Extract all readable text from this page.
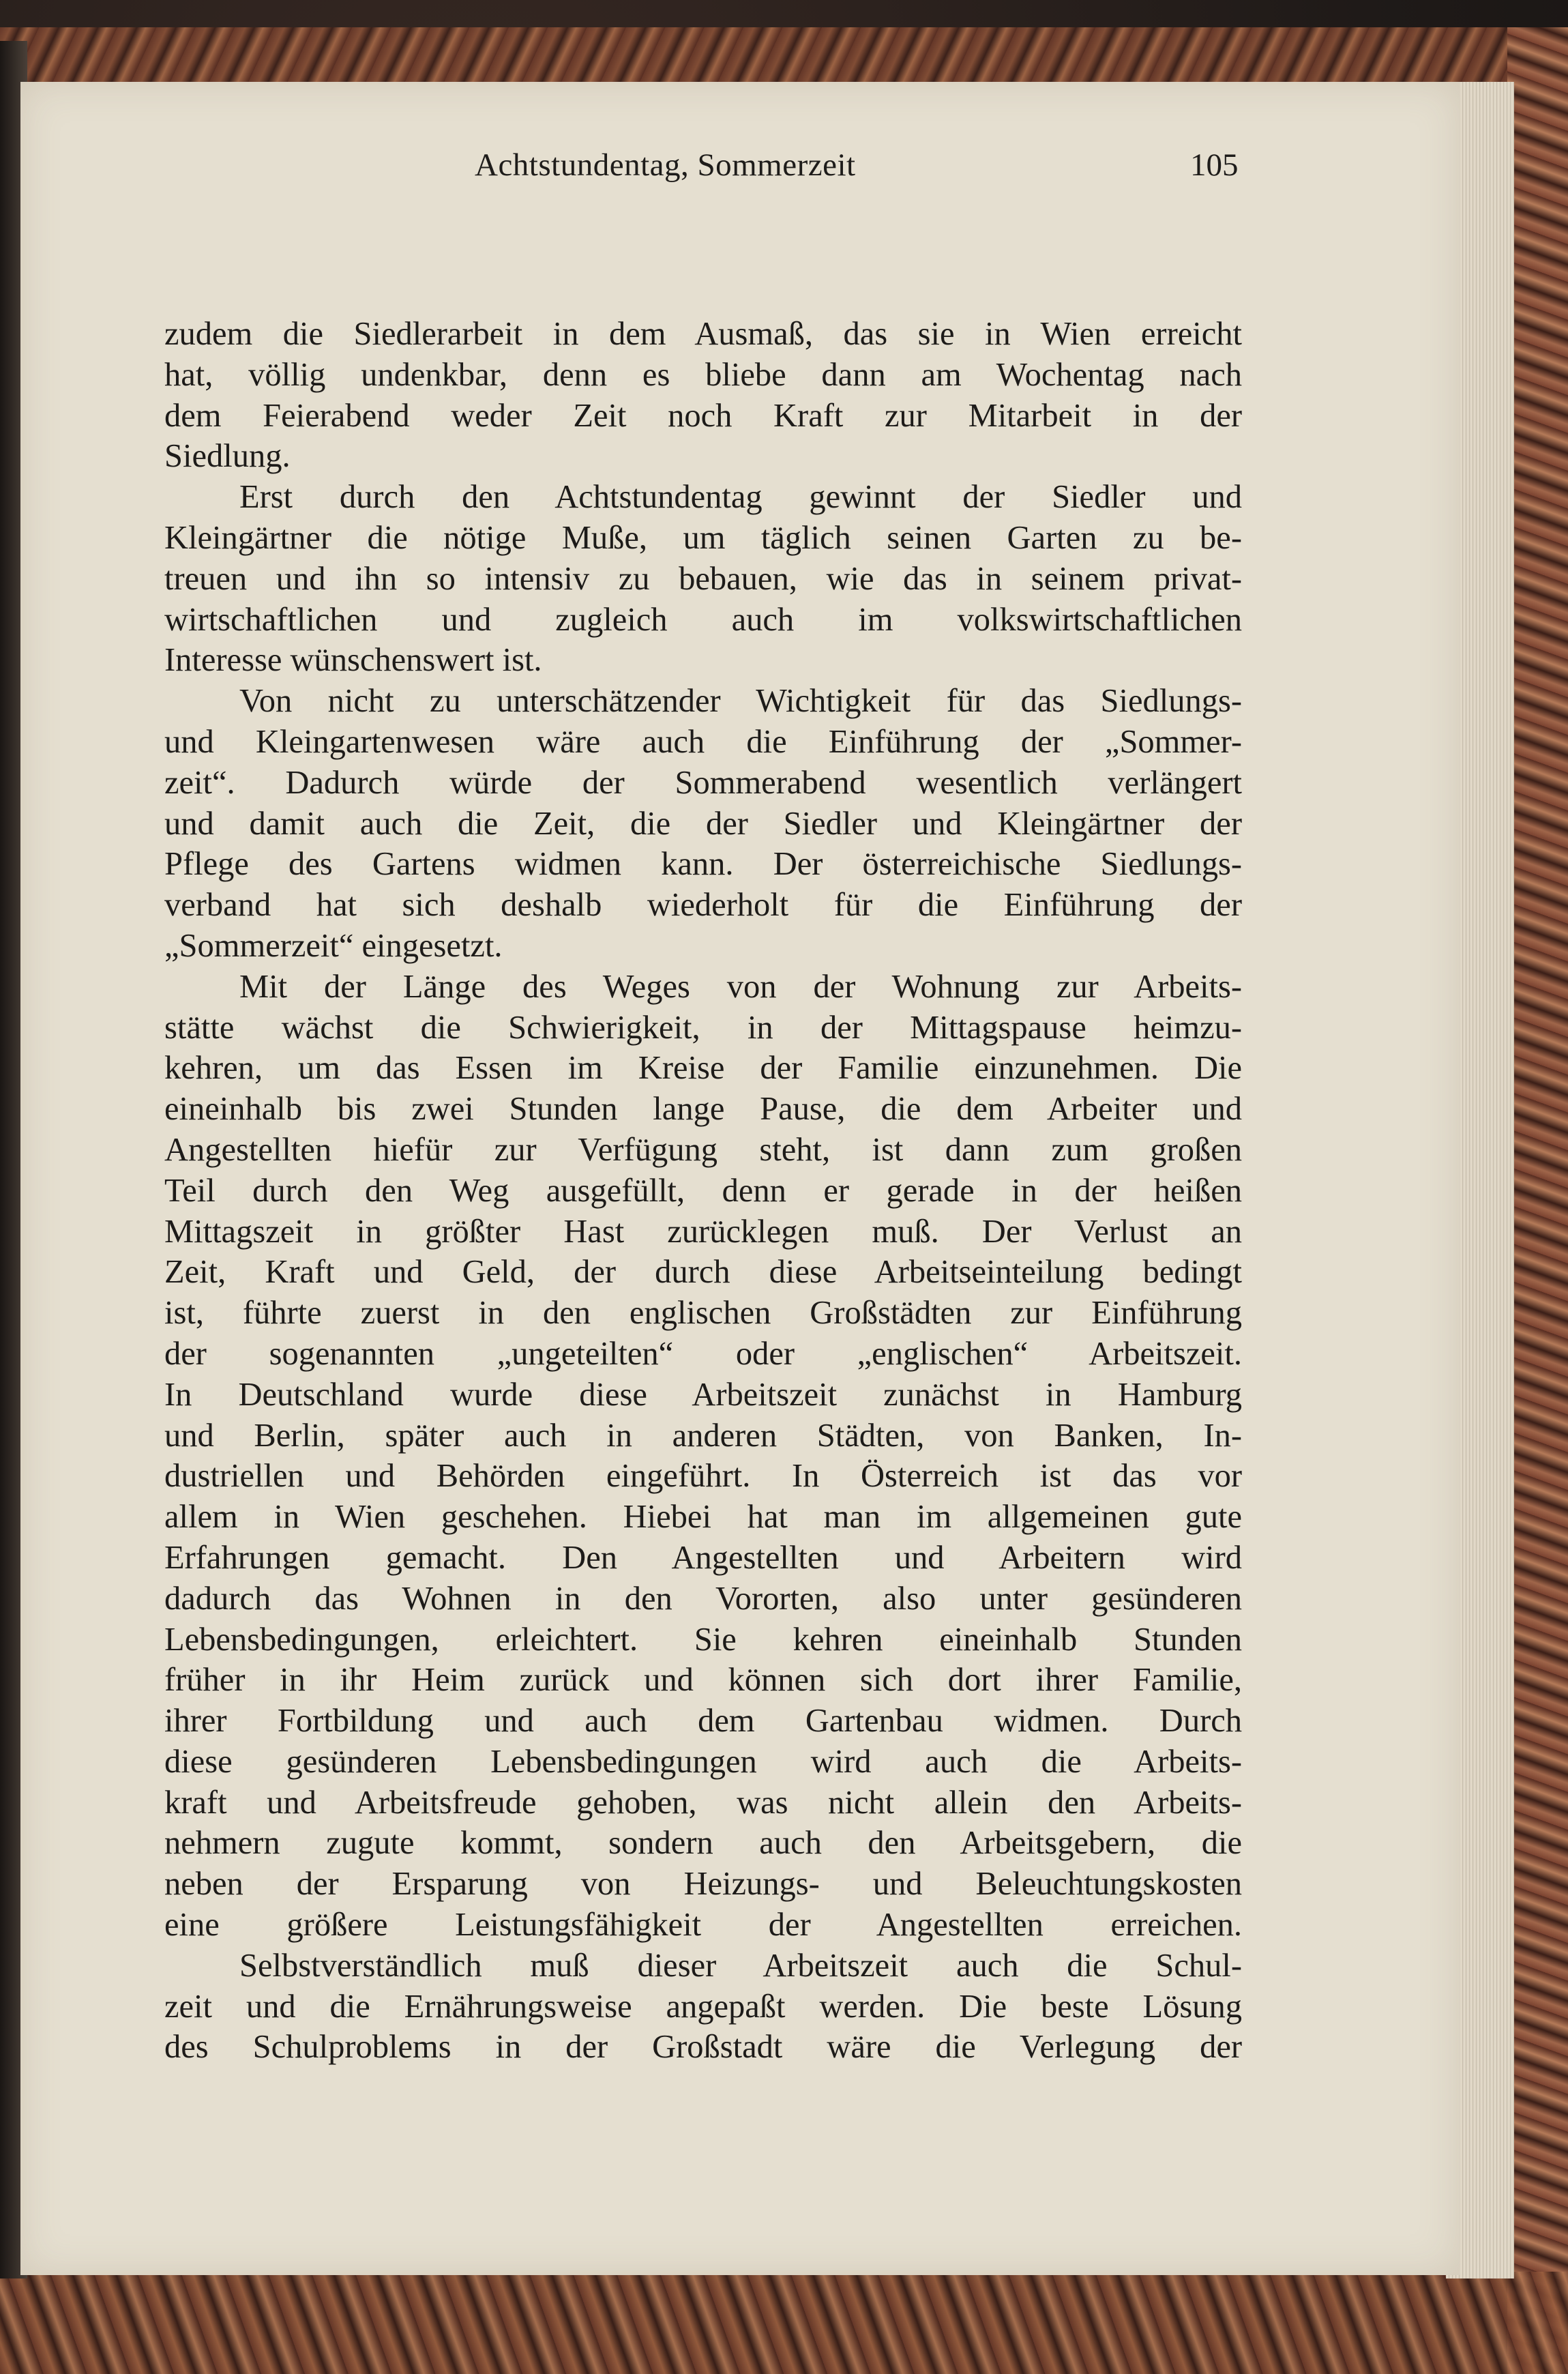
Achtstundentag, Sommerzeit	105
zudem die Siedlerarbeit in dem Ausmaß, das sie in Wien erreicht
hat, völlig undenkbar, denn es bliebe dann am Wochentag nach
dem Feierabend weder Zeit noch Kraft zur Mitarbeit in der
Siedlung.
Erst durch den Achtstundentag gewinnt der Siedler und
Kleingärtner die nötige Muße, um täglich seinen Garten zu be-
treuen und ihn so intensiv zu bebauen, wie das in seinem privat-
wirtschaftlichen und zugleich auch im volkswirtschaftlichen
Interesse wünschenswert ist.
Von nicht zu unterschätzender Wichtigkeit für das Siedlungs-
und Kleingartenwesen wäre auch die Einführung der „Sommer-
zeit“. Dadurch würde der Sommerabend wesentlich verlängert
und damit auch die Zeit, die der Siedler und Kleingärtner der
Pflege des Gartens widmen kann. Der österreichische Siedlungs-
verband hat sich deshalb wiederholt für die Einführung der
„Sommerzeit“ eingesetzt.
Mit der Länge des Weges von der Wohnung zur Arbeits-
stätte wächst die Schwierigkeit, in der Mittagspause heimzu-
kehren, um das Essen im Kreise der Familie einzunehmen. Die
eineinhalb bis zwei Stunden lange Pause, die dem Arbeiter und
Angestellten hiefür zur Verfügung steht, ist dann zum großen
Teil durch den Weg ausgefüllt, denn er gerade in der heißen
Mittagszeit in größter Hast zurücklegen muß. Der Verlust an
Zeit, Kraft und Geld, der durch diese Arbeitseinteilung bedingt
ist, führte zuerst in den englischen Großstädten zur Einführung
der sogenannten „ungeteilten“ oder „englischen“ Arbeitszeit.
In Deutschland wurde diese Arbeitszeit zunächst in Hamburg
und Berlin, später auch in anderen Städten, von Banken, In-
dustriellen und Behörden eingeführt. In Österreich ist das vor
allem in Wien geschehen. Hiebei hat man im allgemeinen gute
Erfahrungen gemacht. Den Angestellten und Arbeitern wird
dadurch das Wohnen in den Vororten, also unter gesünderen
Lebensbedingungen, erleichtert. Sie kehren eineinhalb Stunden
früher in ihr Heim zurück und können sich dort ihrer Familie,
ihrer Fortbildung und auch dem Gartenbau widmen. Durch
diese gesünderen Lebensbedingungen wird auch die Arbeits-
kraft und Arbeitsfreude gehoben, was nicht allein den Arbeits-
nehmern zugute kommt, sondern auch den Arbeitsgebern, die
neben der Ersparung von Heizungs- und Beleuchtungskosten
eine größere Leistungsfähigkeit der Angestellten erreichen.
Selbstverständlich muß dieser Arbeitszeit auch die Schul-
zeit und die Ernährungsweise angepaßt werden. Die beste Lösung
des Schulproblems in der Großstadt wäre die Verlegung der
